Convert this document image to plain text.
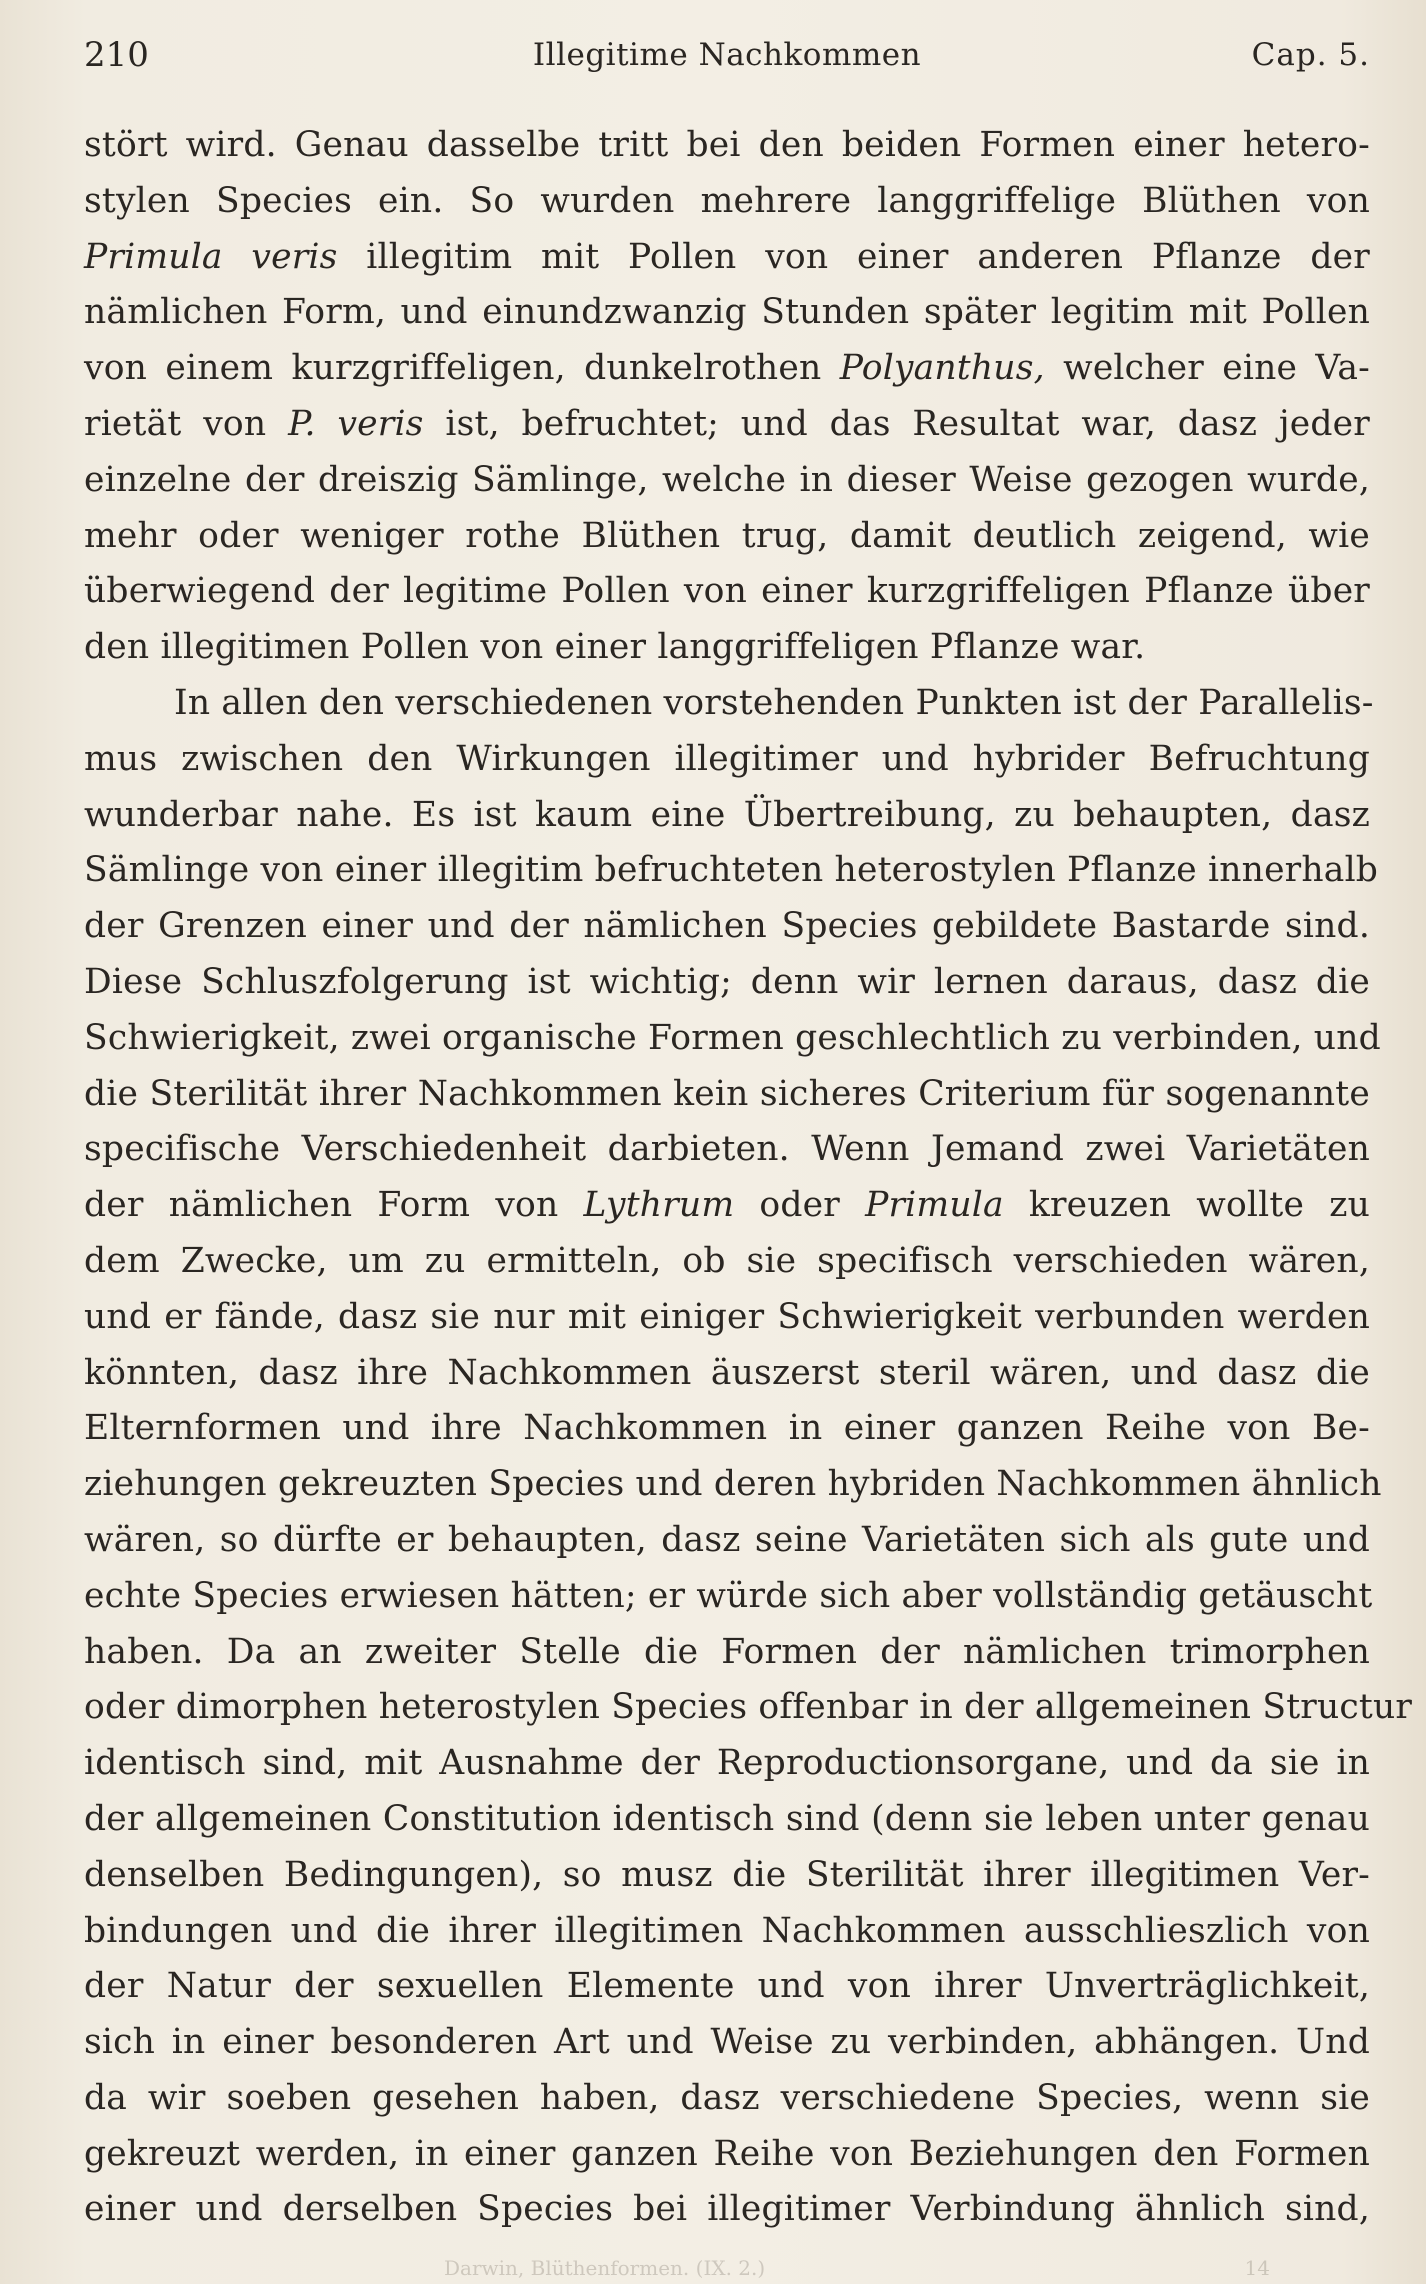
210	Illegitime Nachkommen	Cap. 5.
stört wird. Genau dasselbe tritt bei den beiden Formen einer hetero-
stylen Species ein. So wurden mehrere langgriffelige Blüthen von
Primula veris illegitim mit Pollen von einer anderen Pflanze der
nämlichen Form, und einundzwanzig Stunden später legitim mit Pollen
von einem kurzgriffeligen, dunkelrothen Polyanthus, welcher eine Va-
rietät von P. veris ist, befruchtet; und das Resultat war, dasz jeder
einzelne der dreiszig Sämlinge, welche in dieser Weise gezogen wurde,
mehr oder weniger rothe Blüthen trug, damit deutlich zeigend, wie
überwiegend der legitime Pollen von einer kurzgriffeligen Pflanze über
den illegitimen Pollen von einer langgriffeligen Pflanze war.
In allen den verschiedenen vorstehenden Punkten ist der Parallelis-
mus zwischen den Wirkungen illegitimer und hybrider Befruchtung
wunderbar nahe. Es ist kaum eine Übertreibung, zu behaupten, dasz
Sämlinge von einer illegitim befruchteten heterostylen Pflanze innerhalb
der Grenzen einer und der nämlichen Species gebildete Bastarde sind.
Diese Schluszfolgerung ist wichtig; denn wir lernen daraus, dasz die
Schwierigkeit, zwei organische Formen geschlechtlich zu verbinden, und
die Sterilität ihrer Nachkommen kein sicheres Criterium für sogenannte
specifische Verschiedenheit darbieten. Wenn Jemand zwei Varietäten
der nämlichen Form von Lythrum oder Primula kreuzen wollte zu
dem Zwecke, um zu ermitteln, ob sie specifisch verschieden wären,
und er fände, dasz sie nur mit einiger Schwierigkeit verbunden werden
könnten, dasz ihre Nachkommen äuszerst steril wären, und dasz die
Elternformen und ihre Nachkommen in einer ganzen Reihe von Be-
ziehungen gekreuzten Species und deren hybriden Nachkommen ähnlich
wären, so dürfte er behaupten, dasz seine Varietäten sich als gute und
echte Species erwiesen hätten; er würde sich aber vollständig getäuscht
haben. Da an zweiter Stelle die Formen der nämlichen trimorphen
oder dimorphen heterostylen Species offenbar in der allgemeinen Structur
identisch sind, mit Ausnahme der Reproductionsorgane, und da sie in
der allgemeinen Constitution identisch sind (denn sie leben unter genau
denselben Bedingungen), so musz die Sterilität ihrer illegitimen Ver-
bindungen und die ihrer illegitimen Nachkommen ausschlieszlich von
der Natur der sexuellen Elemente und von ihrer Unverträglichkeit,
sich in einer besonderen Art und Weise zu verbinden, abhängen. Und
da wir soeben gesehen haben, dasz verschiedene Species, wenn sie
gekreuzt werden, in einer ganzen Reihe von Beziehungen den Formen
einer und derselben Species bei illegitimer Verbindung ähnlich sind,
Darwin, Blüthenformen. (IX. 2.)	14
